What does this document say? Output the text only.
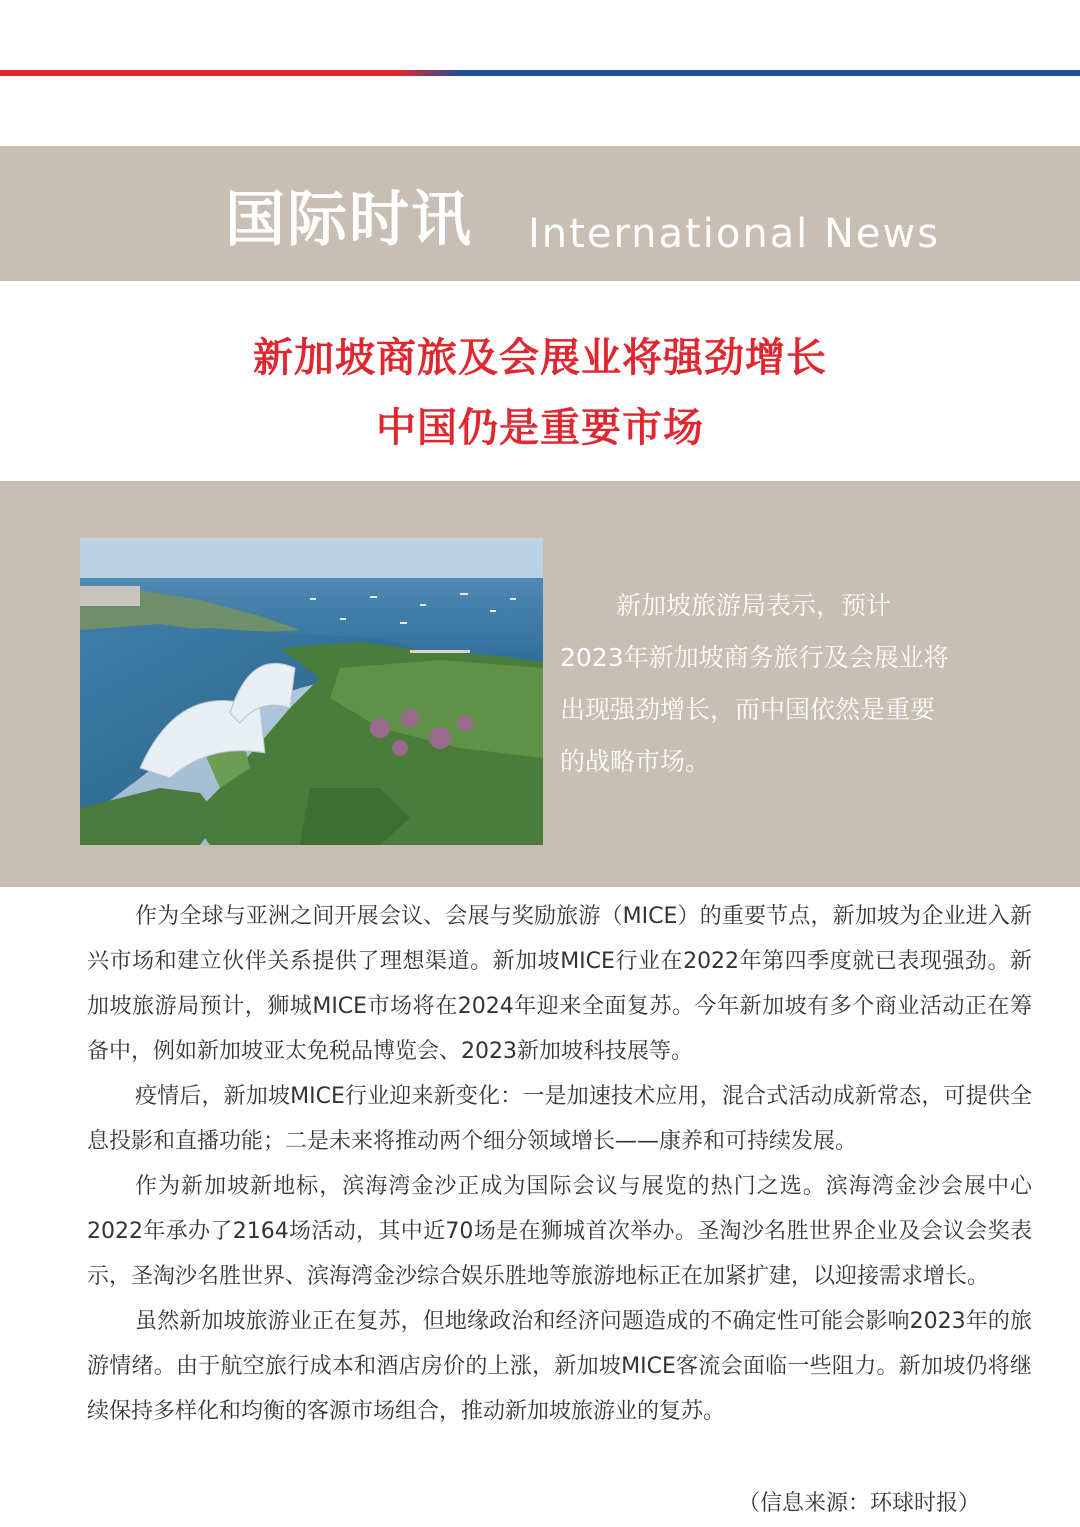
国际时讯 International News
新加坡商旅及会展业将强劲增长
中国仍是重要市场

新加坡旅游局表示，预计

2023年新加坡商务旅行及会展业将

出现强劲增长，而中国依然是重要

的战略市场。

作为全球与亚洲之间开展会议、会展与奖励旅游（MICE）的重要节点，新加坡为企业进入新兴市场和建立伙伴关系提供了理想渠道。新加坡MICE行业在2022年第四季度就已表现强劲。新加坡旅游局预计，狮城MICE市场将在2024年迎来全面复苏。今年新加坡有多个商业活动正在筹备中，例如新加坡亚太免税品博览会、2023新加坡科技展等。

疫情后，新加坡MICE行业迎来新变化：一是加速技术应用，混合式活动成新常态，可提供全息投影和直播功能；二是未来将推动两个细分领域增长——康养和可持续发展。

作为新加坡新地标，滨海湾金沙正成为国际会议与展览的热门之选。滨海湾金沙会展中心2022年承办了2164场活动，其中近70场是在狮城首次举办。圣淘沙名胜世界企业及会议会奖表示，圣淘沙名胜世界、滨海湾金沙综合娱乐胜地等旅游地标正在加紧扩建，以迎接需求增长。

虽然新加坡旅游业正在复苏，但地缘政治和经济问题造成的不确定性可能会影响2023年的旅游情绪。由于航空旅行成本和酒店房价的上涨，新加坡MICE客流会面临一些阻力。新加坡仍将继续保持多样化和均衡的客源市场组合，推动新加坡旅游业的复苏。

（信息来源：环球时报）
